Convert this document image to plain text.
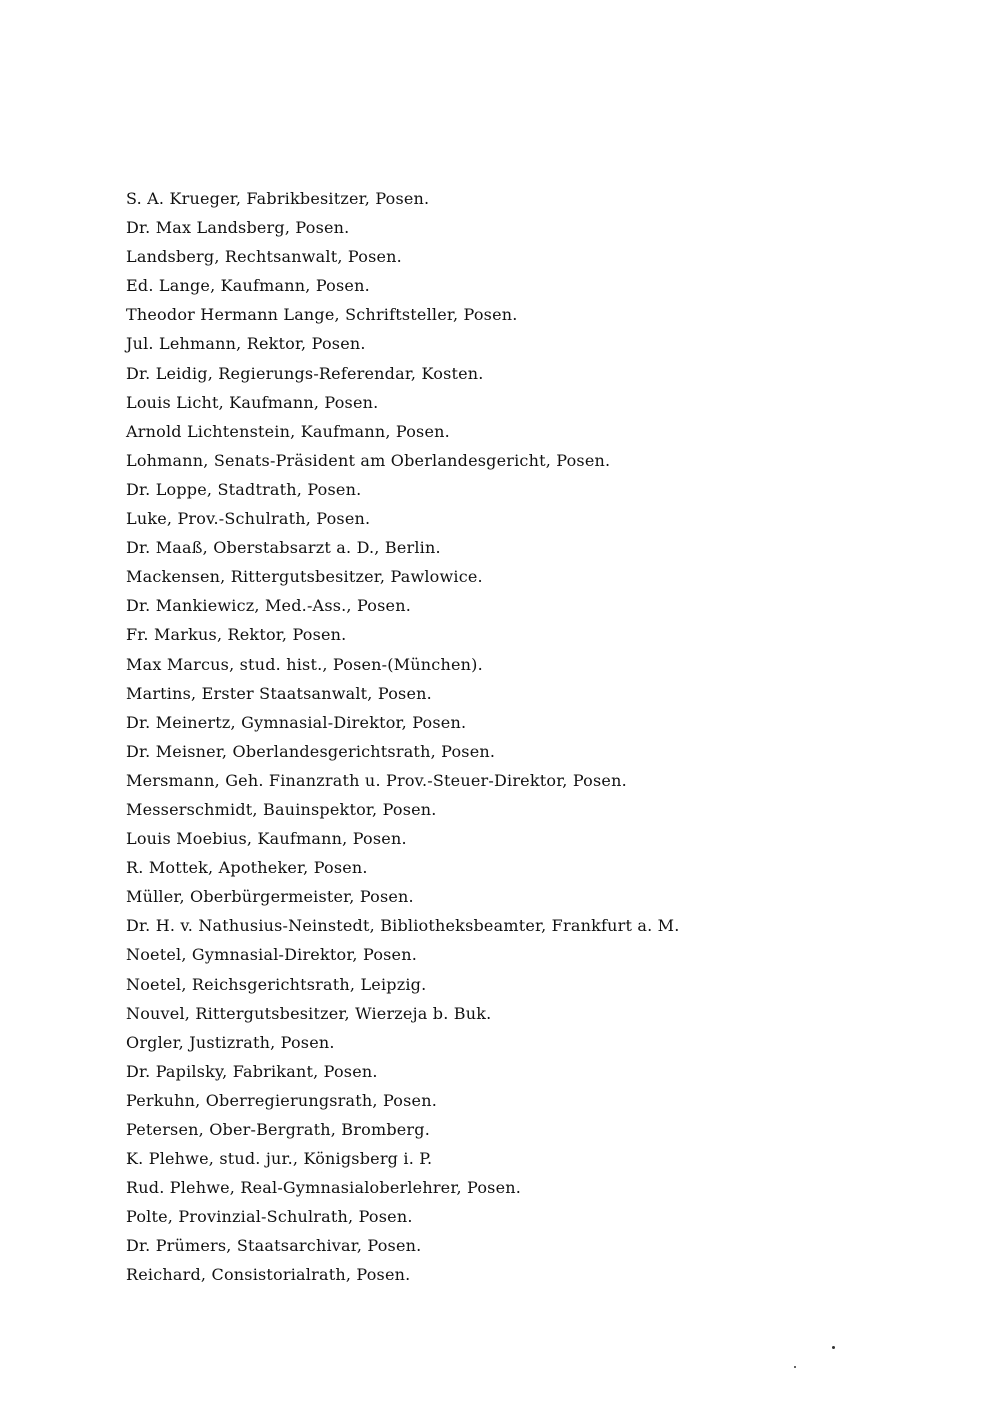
S. A. Krueger, Fabrikbesitzer, Posen.
Dr. Max Landsberg, Posen.
Landsberg, Rechtsanwalt, Posen.
Ed. Lange, Kaufmann, Posen.
Theodor Hermann Lange, Schriftsteller, Posen.
Jul. Lehmann, Rektor, Posen.
Dr. Leidig, Regierungs-Referendar, Kosten.
Louis Licht, Kaufmann, Posen.
Arnold Lichtenstein, Kaufmann, Posen.
Lohmann, Senats-Präsident am Oberlandesgericht, Posen.
Dr. Loppe, Stadtrath, Posen.
Luke, Prov.-Schulrath, Posen.
Dr. Maaß, Oberstabsarzt a. D., Berlin.
Mackensen, Rittergutsbesitzer, Pawlowice.
Dr. Mankiewicz, Med.-Ass., Posen.
Fr. Markus, Rektor, Posen.
Max Marcus, stud. hist., Posen-(München).
Martins, Erster Staatsanwalt, Posen.
Dr. Meinertz, Gymnasial-Direktor, Posen.
Dr. Meisner, Oberlandesgerichtsrath, Posen.
Mersmann, Geh. Finanzrath u. Prov.-Steuer-Direktor, Posen.
Messerschmidt, Bauinspektor, Posen.
Louis Moebius, Kaufmann, Posen.
R. Mottek, Apotheker, Posen.
Müller, Oberbürgermeister, Posen.
Dr. H. v. Nathusius-Neinstedt, Bibliotheksbeamter, Frankfurt a. M.
Noetel, Gymnasial-Direktor, Posen.
Noetel, Reichsgerichtsrath, Leipzig.
Nouvel, Rittergutsbesitzer, Wierzeja b. Buk.
Orgler, Justizrath, Posen.
Dr. Papilsky, Fabrikant, Posen.
Perkuhn, Oberregierungsrath, Posen.
Petersen, Ober-Bergrath, Bromberg.
K. Plehwe, stud. jur., Königsberg i. P.
Rud. Plehwe, Real-Gymnasialoberlehrer, Posen.
Polte, Provinzial-Schulrath, Posen.
Dr. Prümers, Staatsarchivar, Posen.
Reichard, Consistorialrath, Posen.
